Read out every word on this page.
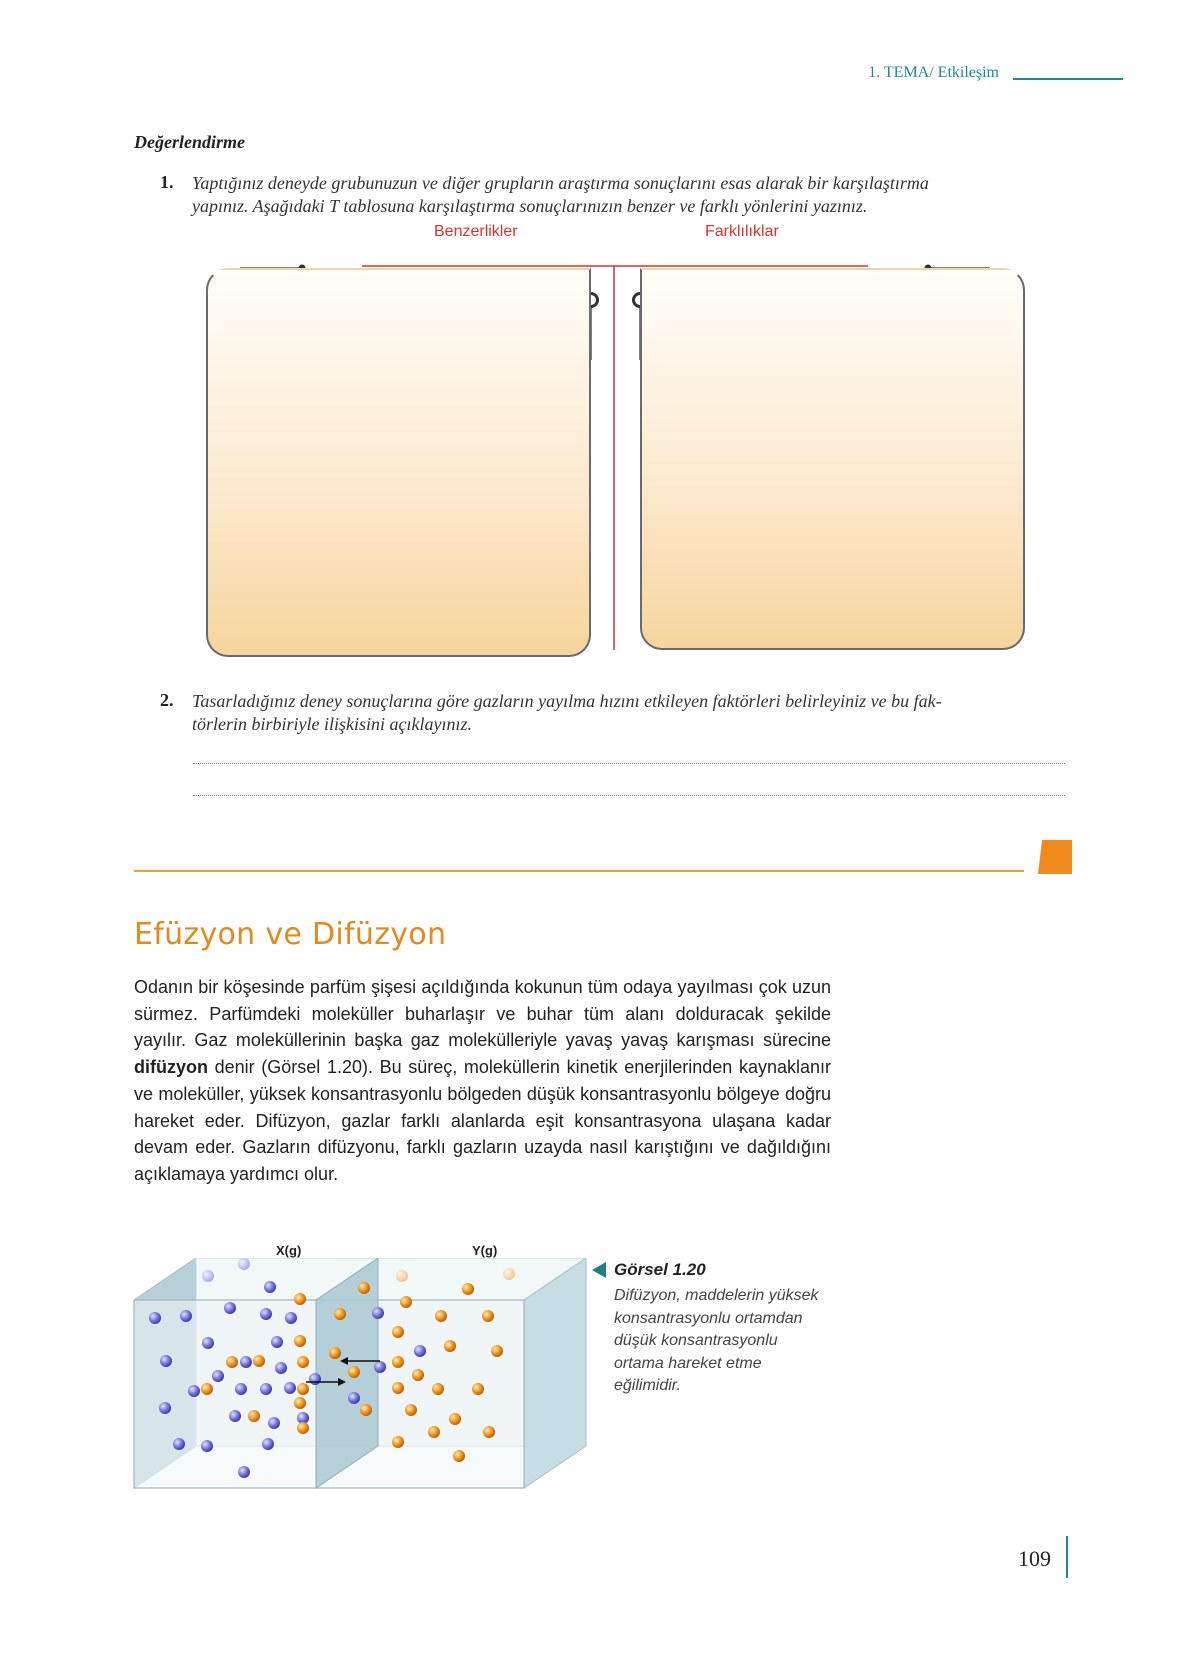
1. TEMA/ Etkileşim
Değerlendirme
1. Yaptığınız deneyde grubunuzun ve diğer grupların araştırma sonuçlarını esas alarak bir karşılaştırma
yapınız. Aşağıdaki T tablosuna karşılaştırma sonuçlarınızın benzer ve farklı yönlerini yazınız.
Benzerlikler	Farklılıklar
2. Tasarladığınız deney sonuçlarına göre gazların yayılma hızını etkileyen faktörleri belirleyiniz ve bu fak-
törlerin birbiriyle ilişkisini açıklayınız.
Efüzyon ve Difüzyon
Odanın bir köşesinde parfüm şişesi açıldığında kokunun tüm odaya yayılması çok uzun sürmez. Parfümdeki moleküller buharlaşır ve buhar tüm alanı dolduracak şekilde yayılır. Gaz moleküllerinin başka gaz molekülleriyle yavaş yavaş karışması sürecine difüzyon denir (Görsel 1.20). Bu süreç, moleküllerin kinetik enerjilerinden kaynaklanır ve moleküller, yüksek konsantrasyonlu bölgeden düşük konsantrasyonlu bölgeye doğru hareket eder. Difüzyon, gazlar farklı alanlarda eşit konsantrasyona ulaşana kadar devam eder. Gazların difüzyonu, farklı gazların uzayda nasıl karıştığını ve dağıldığını açıklamaya yardımcı olur.
X(g)	Y(g)
Görsel 1.20
Difüzyon, maddelerin yüksek konsantrasyonlu ortamdan düşük konsantrasyonlu ortama hareket etme eğilimidir.
109
